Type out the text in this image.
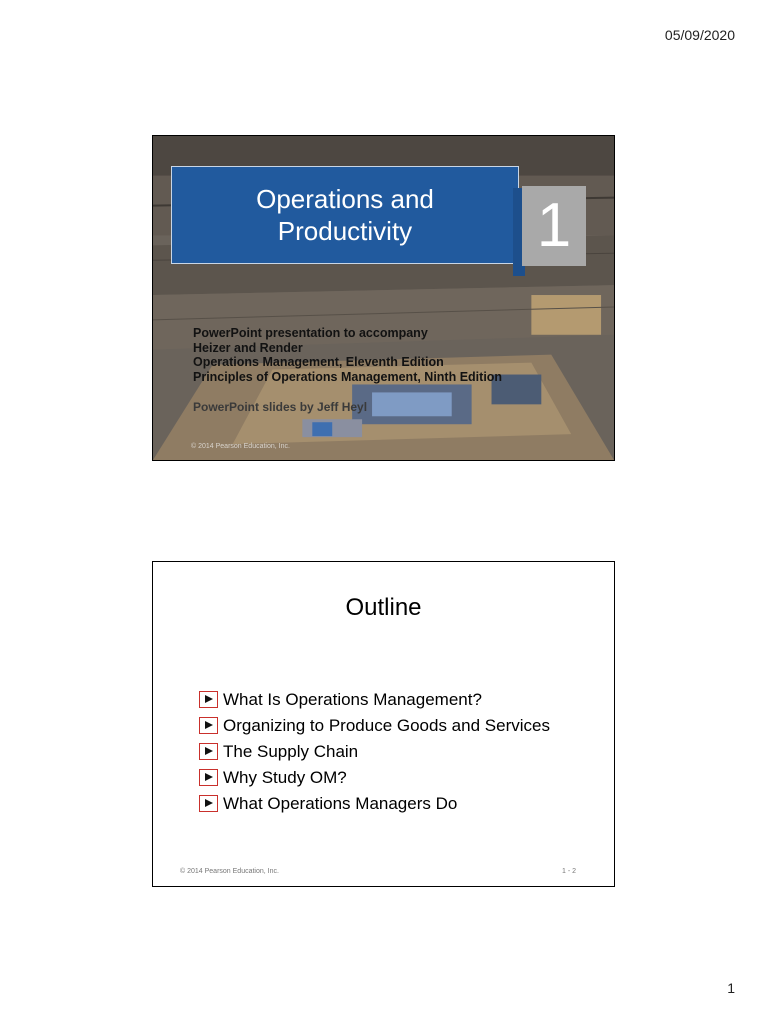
05/09/2020
Operations and
Productivity	1
PowerPoint presentation to accompany
Heizer and Render
Operations Management, Eleventh Edition
Principles of Operations Management, Ninth Edition
PowerPoint slides by Jeff Heyl
© 2014 Pearson Education, Inc.
Outline
What Is Operations Management?
Organizing to Produce Goods and Services
The Supply Chain
Why Study OM?
What Operations Managers Do
© 2014 Pearson Education, Inc.	1 - 2
1
